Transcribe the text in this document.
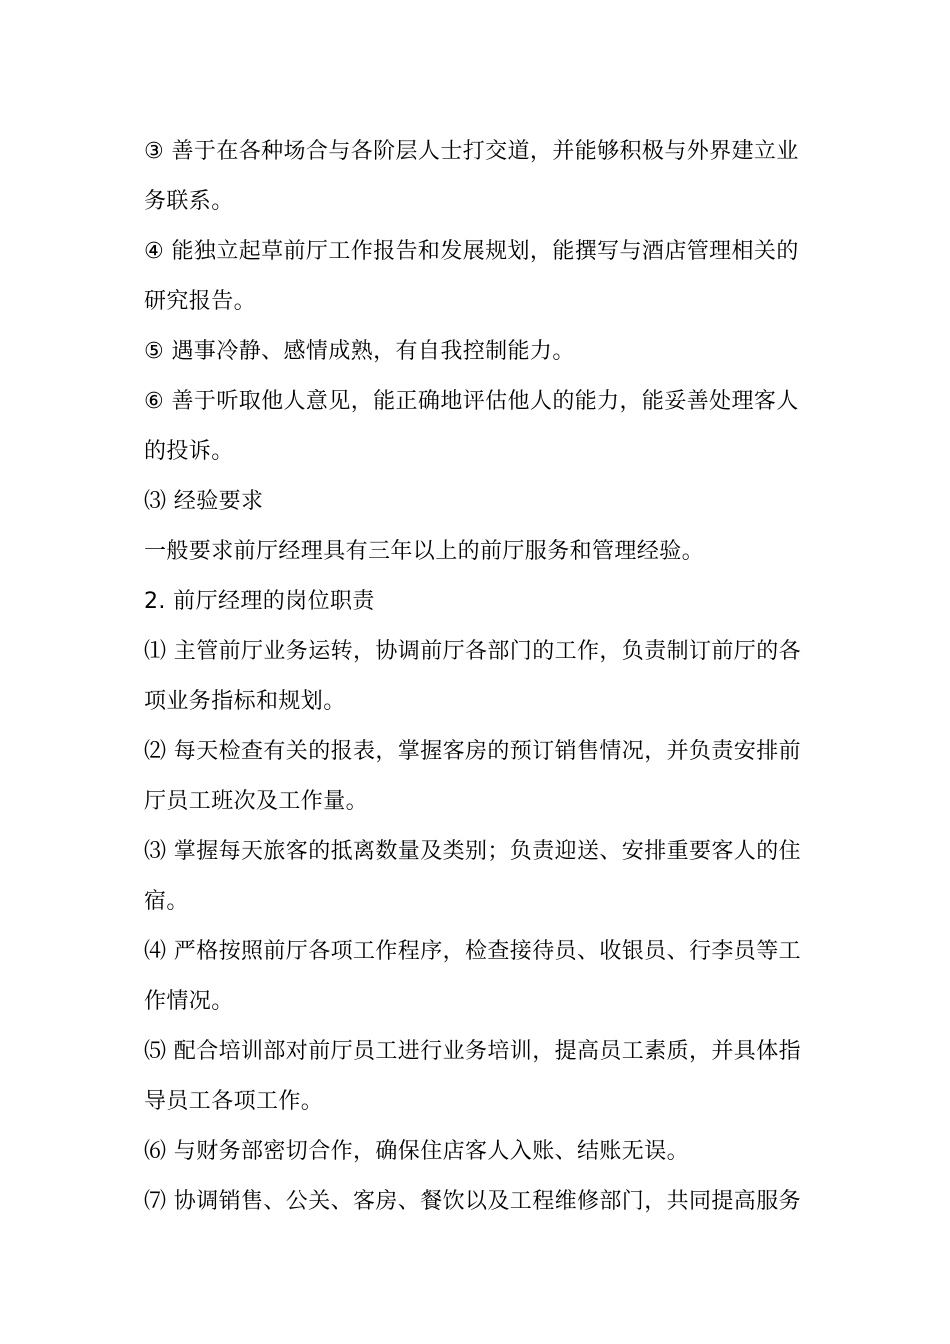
③ 善于在各种场合与各阶层人士打交道，并能够积极与外界建立业务联系。

④ 能独立起草前厅工作报告和发展规划，能撰写与酒店管理相关的研究报告。

⑤ 遇事冷静、感情成熟，有自我控制能力。

⑥ 善于听取他人意见，能正确地评估他人的能力，能妥善处理客人的投诉。

⑶ 经验要求

一般要求前厅经理具有三年以上的前厅服务和管理经验。

2. 前厅经理的岗位职责

⑴ 主管前厅业务运转，协调前厅各部门的工作，负责制订前厅的各项业务指标和规划。

⑵ 每天检查有关的报表，掌握客房的预订销售情况，并负责安排前厅员工班次及工作量。

⑶ 掌握每天旅客的抵离数量及类别；负责迎送、安排重要客人的住宿。

⑷ 严格按照前厅各项工作程序，检查接待员、收银员、行李员等工作情况。

⑸ 配合培训部对前厅员工进行业务培训，提高员工素质，并具体指导员工各项工作。

⑹ 与财务部密切合作，确保住店客人入账、结账无误。

⑺ 协调销售、公关、客房、餐饮以及工程维修部门，共同提高服务
